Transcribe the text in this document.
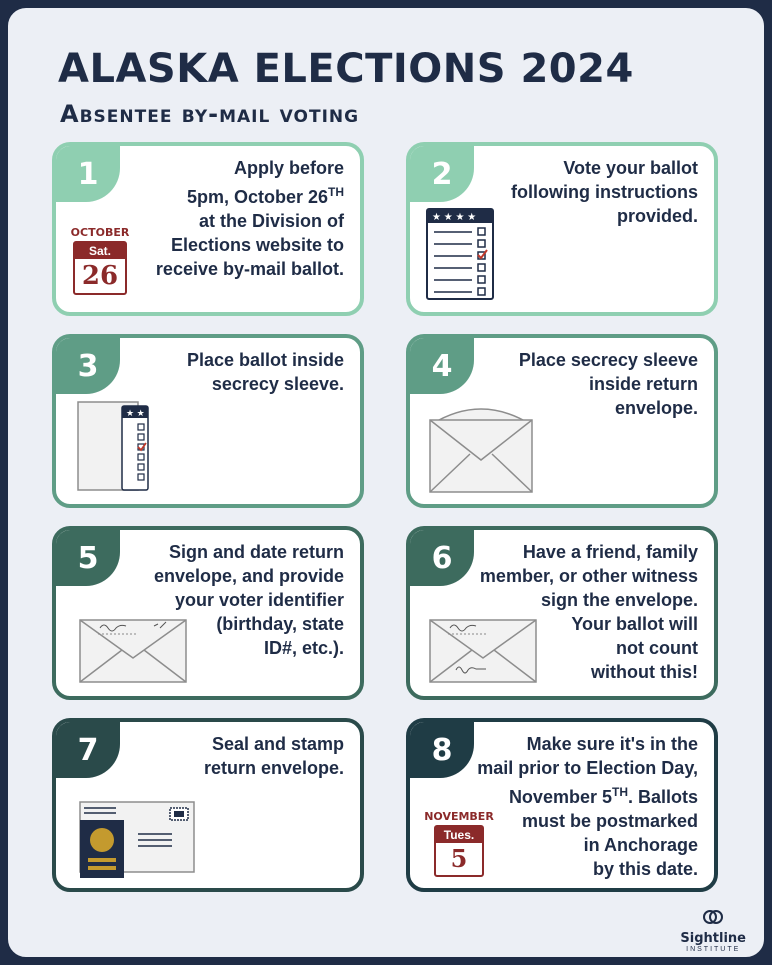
ALASKA ELECTIONS 2024
Absentee by-mail voting
1	Apply before
5pm, October 26TH
at the Division of
Elections website to
receive by-mail ballot.
OCTOBER
Sat.
26
2	Vote your ballot
following instructions
provided.
★ ★ ★ ★
3	Place ballot inside
secrecy sleeve.
★ ★
4	Place secrecy sleeve
inside return
envelope.
5	Sign and date return
envelope, and provide
your voter identifier
(birthday, state
ID#, etc.).
6	Have a friend, family
member, or other witness
sign the envelope.
Your ballot will
not count
without this!
7	Seal and stamp
return envelope.
8	Make sure it's in the
mail prior to Election Day,
November 5TH. Ballots
must be postmarked
in Anchorage
by this date.
NOVEMBER
Tues.
5
Sightline
INSTITUTE
